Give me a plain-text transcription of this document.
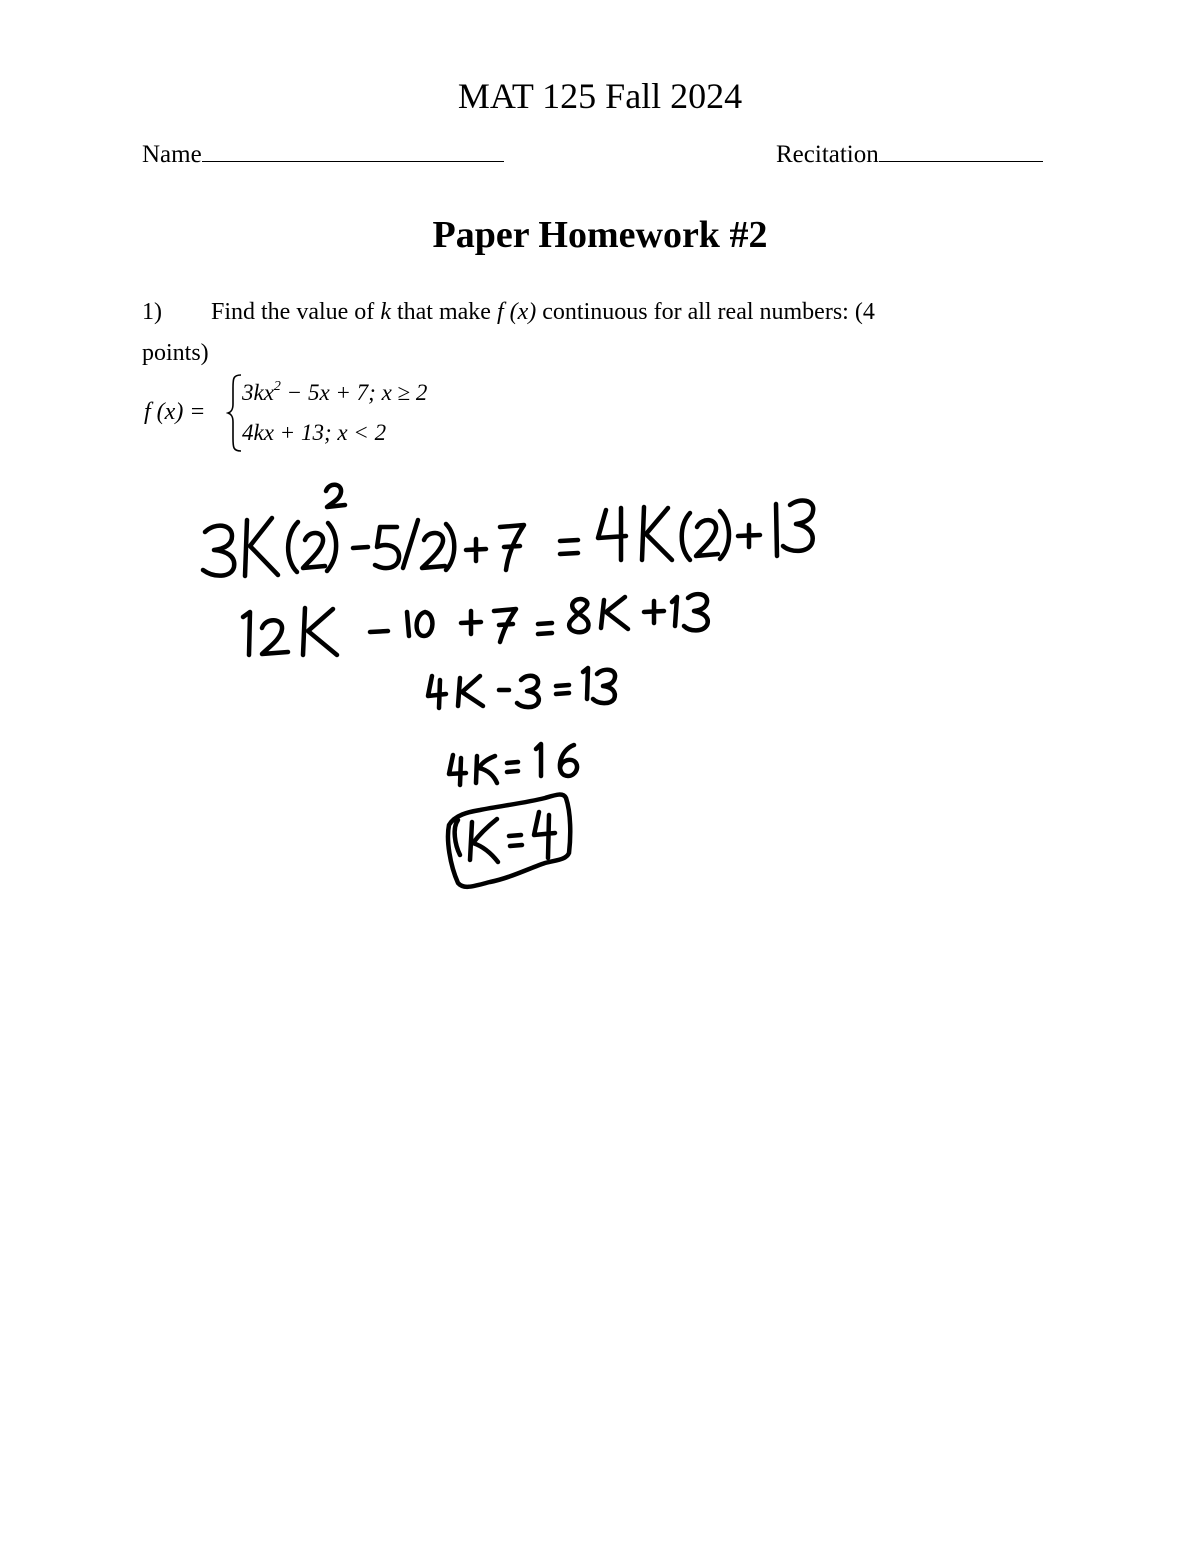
MAT 125 Fall 2024
Name	Recitation
Paper Homework #2
1) Find the value of k that make f (x) continuous for all real numbers: (4
points)
f (x) =
$3kx^2 - 5x + 7$; x ≥ 2
4kx + 13; x < 2
